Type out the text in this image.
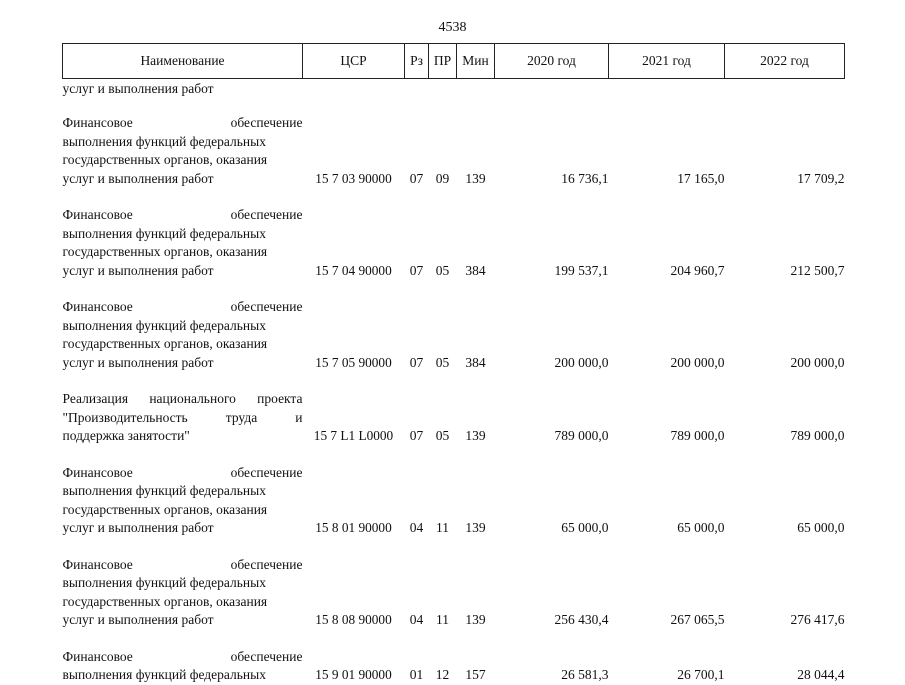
4538
Наименование	ЦСР	Рз	ПР	Мин	2020 год	2021 год	2022 год
услуг и выполнения работ							

Финансовое обеспечение
выполнения функций федеральных
государственных органов, оказания
услуг и выполнения работ	15 7 03 90000	07	09	139	16 736,1	17 165,0	17 709,2

Финансовое обеспечение
выполнения функций федеральных
государственных органов, оказания
услуг и выполнения работ	15 7 04 90000	07	05	384	199 537,1	204 960,7	212 500,7

Финансовое обеспечение
выполнения функций федеральных
государственных органов, оказания
услуг и выполнения работ	15 7 05 90000	07	05	384	200 000,0	200 000,0	200 000,0

Реализация национального проекта
"Производительность труда и
поддержка занятости"	15 7 L1 L0000	07	05	139	789 000,0	789 000,0	789 000,0

Финансовое обеспечение
выполнения функций федеральных
государственных органов, оказания
услуг и выполнения работ	15 8 01 90000	04	11	139	65 000,0	65 000,0	65 000,0

Финансовое обеспечение
выполнения функций федеральных
государственных органов, оказания
услуг и выполнения работ	15 8 08 90000	04	11	139	256 430,4	267 065,5	276 417,6

Финансовое обеспечение
выполнения функций федеральных	15 9 01 90000	01	12	157	26 581,3	26 700,1	28 044,4
